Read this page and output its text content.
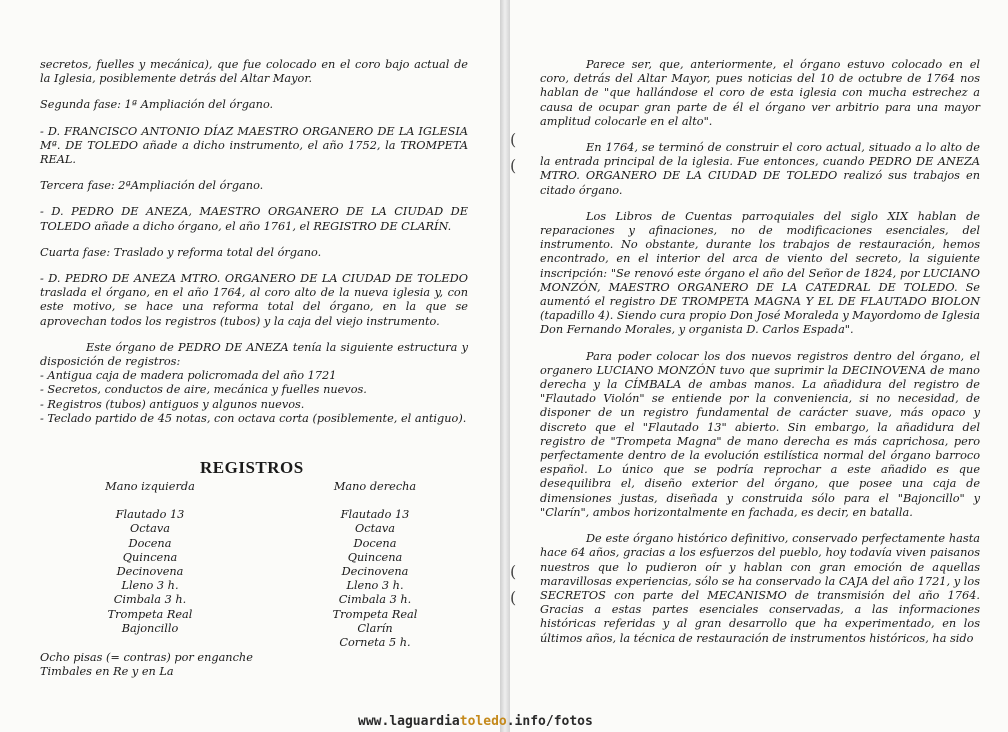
secretos, fuelles y mecánica), que fue colocado en el coro bajo actual de la Iglesia, posiblemente detrás del Altar Mayor.

Segunda fase: 1ª Ampliación del órgano.

- D. FRANCISCO ANTONIO DÍAZ MAESTRO ORGANERO DE LA IGLESIA Mª. DE TOLEDO añade a dicho instrumento, el año 1752, la TROMPETA REAL.

Tercera fase: 2ªAmpliación del órgano.

- D. PEDRO DE ANEZA, MAESTRO ORGANERO DE LA CIUDAD DE TOLEDO añade a dicho órgano, el año 1761, el REGISTRO DE CLARÍN.

Cuarta fase: Traslado y reforma total del órgano.

- D. PEDRO DE ANEZA MTRO. ORGANERO DE LA CIUDAD DE TOLEDO traslada el órgano, en el año 1764, al coro alto de la nueva iglesia y, con este motivo, se hace una reforma total del órgano, en la que se aprovechan todos los registros (tubos) y la caja del viejo instrumento.

Este órgano de PEDRO DE ANEZA tenía la siguiente estructura y disposición de registros:

- Antigua caja de madera policromada del año 1721

- Secretos, conductos de aire, mecánica y fuelles nuevos.

- Registros (tubos) antiguos y algunos nuevos.

- Teclado partido de 45 notas, con octava corta (posiblemente, el antiguo).

REGISTROS
Mano izquierda
Flautado 13
Octava
Docena
Quincena
Decinovena
Lleno 3 h.
Cimbala 3 h.
Trompeta Real
Bajoncillo
Mano derecha
Flautado 13
Octava
Docena
Quincena
Decinovena
Lleno 3 h.
Cimbala 3 h.
Trompeta Real
Clarín
Corneta 5 h.
Ocho pisas (= contras) por enganche
Timbales en Re y en La

Parece ser, que, anteriormente, el órgano estuvo colocado en el coro, detrás del Altar Mayor, pues noticias del 10 de octubre de 1764 nos hablan de "que hallándose el coro de esta iglesia con mucha estrechez a causa de ocupar gran parte de él el órgano ver arbitrio para una mayor amplitud colocarle en el alto".

En 1764, se terminó de construir el coro actual, situado a lo alto de la entrada principal de la iglesia. Fue entonces, cuando PEDRO DE ANEZA MTRO. ORGANERO DE LA CIUDAD DE TOLEDO realizó sus trabajos en citado órgano.

Los Libros de Cuentas parroquiales del siglo XIX hablan de reparaciones y afinaciones, no de modificaciones esenciales, del instrumento. No obstante, durante los trabajos de restauración, hemos encontrado, en el interior del arca de viento del secreto, la siguiente inscripción: "Se renovó este órgano el año del Señor de 1824, por LUCIANO MONZÓN, MAESTRO ORGANERO DE LA CATEDRAL DE TOLEDO. Se aumentó el registro DE TROMPETA MAGNA Y EL DE FLAUTADO BIOLON (tapadillo 4). Siendo cura propio Don José Moraleda y Mayordomo de Iglesia Don Fernando Morales, y organista D. Carlos Espada".

Para poder colocar los dos nuevos registros dentro del órgano, el organero LUCIANO MONZÓN tuvo que suprimir la DECINOVENA de mano derecha y la CÍMBALA de ambas manos. La añadidura del registro de "Flautado Violón" se entiende por la conveniencia, si no necesidad, de disponer de un registro fundamental de carácter suave, más opaco y discreto que el "Flautado 13" abierto. Sin embargo, la añadidura del registro de "Trompeta Magna" de mano derecha es más caprichosa, pero perfectamente dentro de la evolución estilística normal del órgano barroco español. Lo único que se podría reprochar a este añadido es que desequilibra el, diseño exterior del órgano, que posee una caja de dimensiones justas, diseñada y construida sólo para el "Bajoncillo" y "Clarín", ambos horizontalmente en fachada, es decir, en batalla.

De este órgano histórico definitivo, conservado perfectamente hasta hace 64 años, gracias a los esfuerzos del pueblo, hoy todavía viven paisanos nuestros que lo pudieron oír y hablan con gran emoción de aquellas maravillosas experiencias, sólo se ha conservado la CAJA del año 1721, y los SECRETOS con parte del MECANISMO de transmisión del año 1764. Gracias a estas partes esenciales conservadas, a las informaciones históricas referidas y al gran desarrollo que ha experimentado, en los últimos años, la técnica de restauración de instrumentos históricos, ha sido

(
(
(
(
www.laguardiatoledo.info/fotos
